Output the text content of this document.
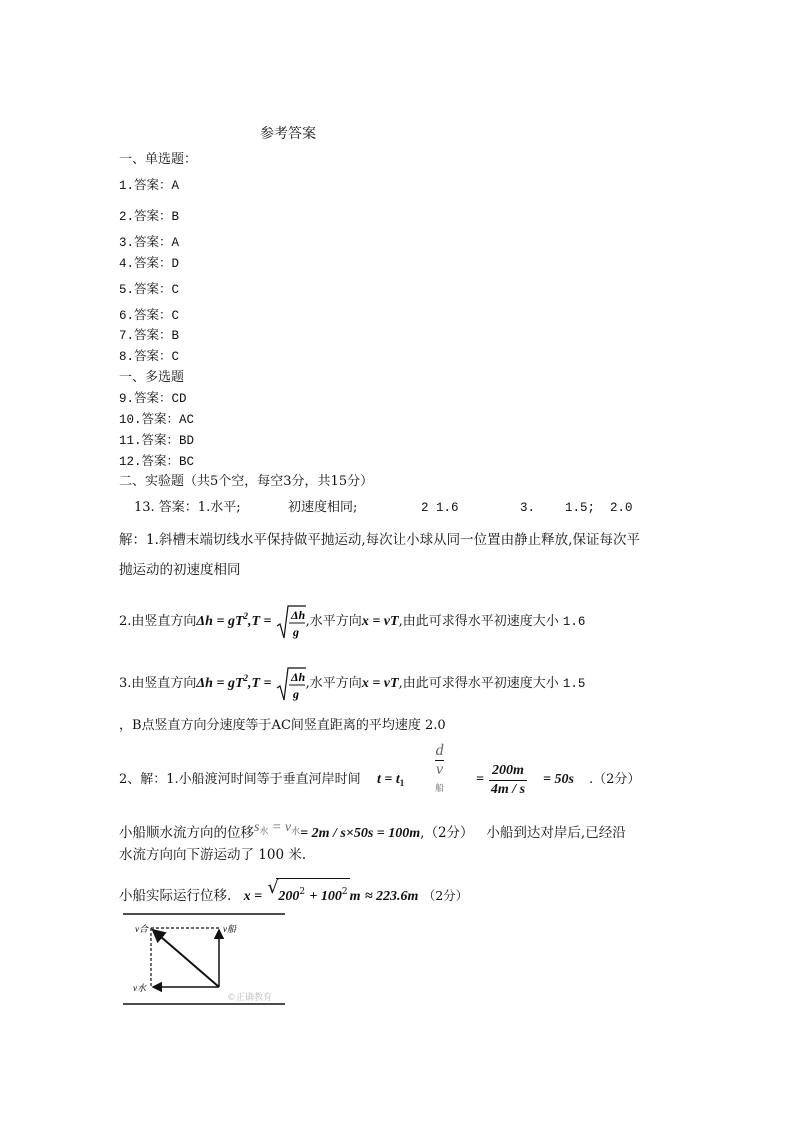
参考答案
一、单选题：
1.答案：A
2.答案：B
3.答案：A
4.答案：D
5.答案：C
6.答案：C
7.答案：B
8.答案：C
一、多选题
9.答案：CD
10.答案：AC
11.答案：BD
12.答案：BC
二、实验题（共5个空，每空3分，共15分）
13. 答案：1.水平;	初速度相同;	2 1.6	3. 1.5; 2.0
解：1.斜槽末端切线水平保持做平抛运动,每次让小球从同一位置由静止释放,保证每次平
抛运动的初速度相同
2.由竖直方向$\Delta h = gT^2,T = \Delta h$
g
,水平方向x = vT,由此可求得水平初速度大小 1.6
3.由竖直方向$\Delta h = gT^2,T = \Delta h$
g
,水平方向x = vT,由此可求得水平初速度大小 1.5
，B点竖直方向分速度等于AC间竖直距离的平均速度 2.0
2、解：1.小船渡河时间等于垂直河岸时间 $t = t_1$
d
v
船
= $\frac{200m}{4m / s} = 50s$ .（2分）
小船顺水流方向的位移$s_水 = v_水= 2m / s\times 50s = 100m,(2$分） 小船到达对岸后,已经沿
水流方向向下游运动了 100 米.
小船实际运行位移. x = √ $200^2 + 100^2$ m ≈ 223.6m （2分）
v合	v船
v水
©正确教育
